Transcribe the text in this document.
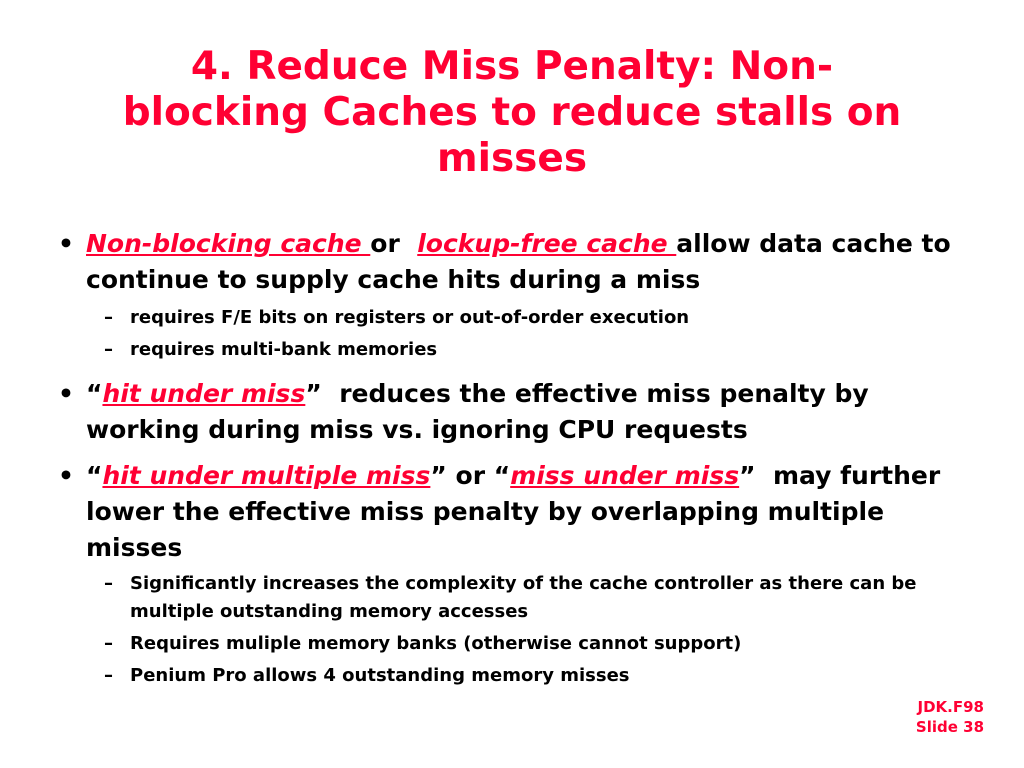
4. Reduce Miss Penalty: Non-
blocking Caches to reduce stalls on
misses
• Non-blocking cache or lockup-free cache allow data cache to continue to supply cache hits during a miss
– requires F/E bits on registers or out-of-order execution
– requires multi-bank memories
• “hit under miss” reduces the effective miss penalty by working during miss vs. ignoring CPU requests
• “hit under multiple miss” or “miss under miss” may further lower the effective miss penalty by overlapping multiple misses
– Significantly increases the complexity of the cache controller as there can be multiple outstanding memory accesses
– Requires muliple memory banks (otherwise cannot support)
– Penium Pro allows 4 outstanding memory misses
JDK.F98
Slide 38
